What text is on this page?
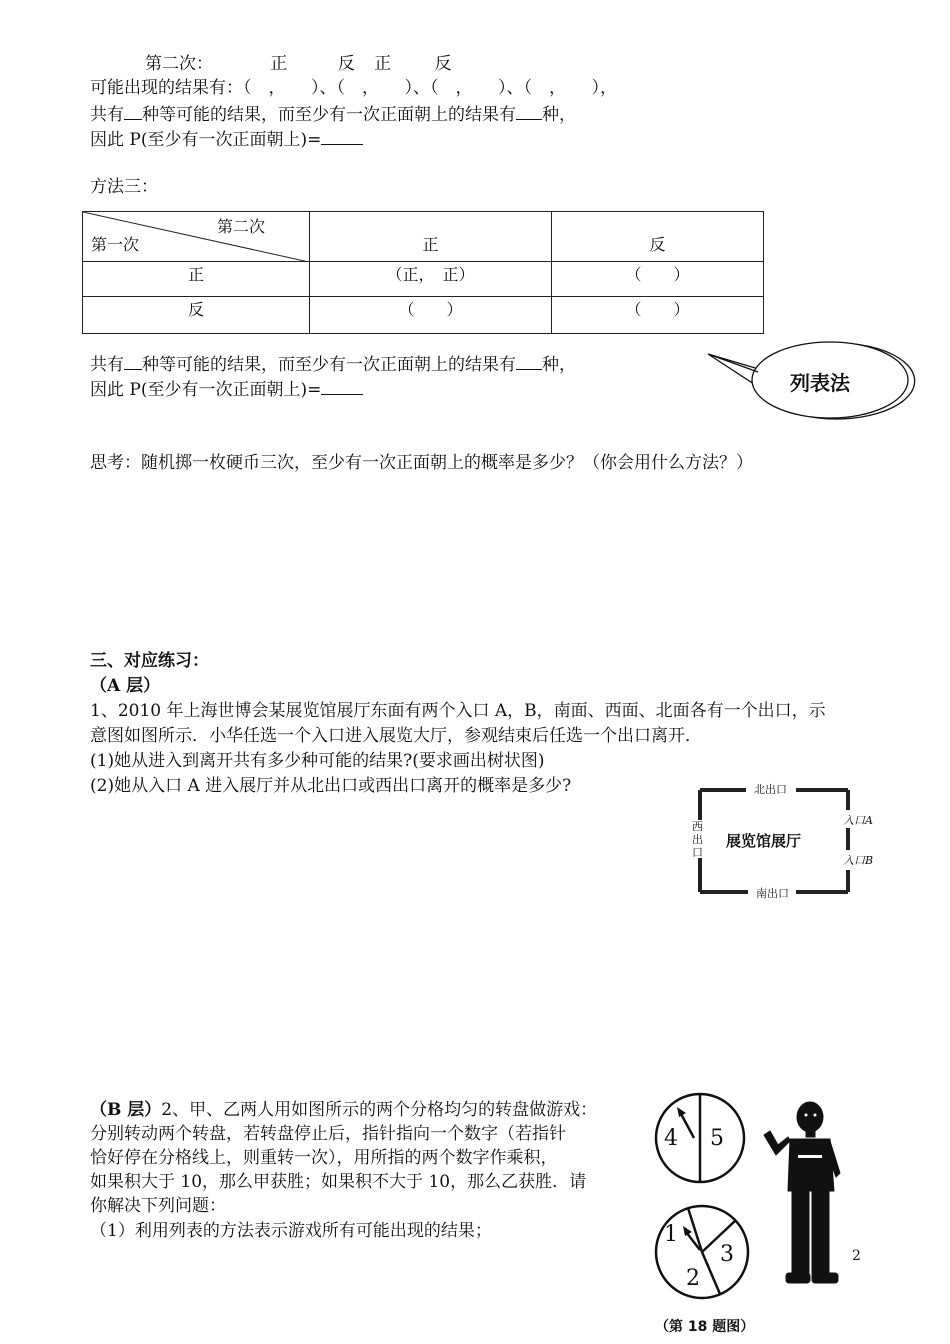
第二次：	正	反 正	反
可能出现的结果有：（　，　　）、（　，　　）、（　，　　）、（　，　　），
共有 种等可能的结果，而至少有一次正面朝上的结果有 种，
因此 P(至少有一次正面朝上)=
方法三：
第二次
第一次	正	反
正	（正，　正）	（　　）
反	（　　）	（　　）
共有 种等可能的结果，而至少有一次正面朝上的结果有 种，
因此 P(至少有一次正面朝上)=	列表法
思考：随机掷一枚硬币三次，至少有一次正面朝上的概率是多少？（你会用什么方法？）
三、对应练习：
（A 层）
1、2010 年上海世博会某展览馆展厅东面有两个入口 A，B，南面、西面、北面各有一个出口，示
意图如图所示．小华任选一个入口进入展览大厅，参观结束后任选一个出口离开．
(1)她从进入到离开共有多少种可能的结果?(要求画出树状图)
(2)她从入口 A 进入展厅并从北出口或西出口离开的概率是多少?	北出口
南出口
西
出
口
入口A
入口B
展览馆展厅
（B 层）2、甲、乙两人用如图所示的两个分格均匀的转盘做游戏：
分别转动两个转盘，若转盘停止后，指针指向一个数字（若指针
恰好停在分格线上，则重转一次），用所指的两个数字作乘积，
如果积大于 10，那么甲获胜；如果积不大于 10，那么乙获胜．请
你解决下列问题：
（1）利用列表的方法表示游戏所有可能出现的结果；
4 5
1
2
3
（第 18 题图）
2
